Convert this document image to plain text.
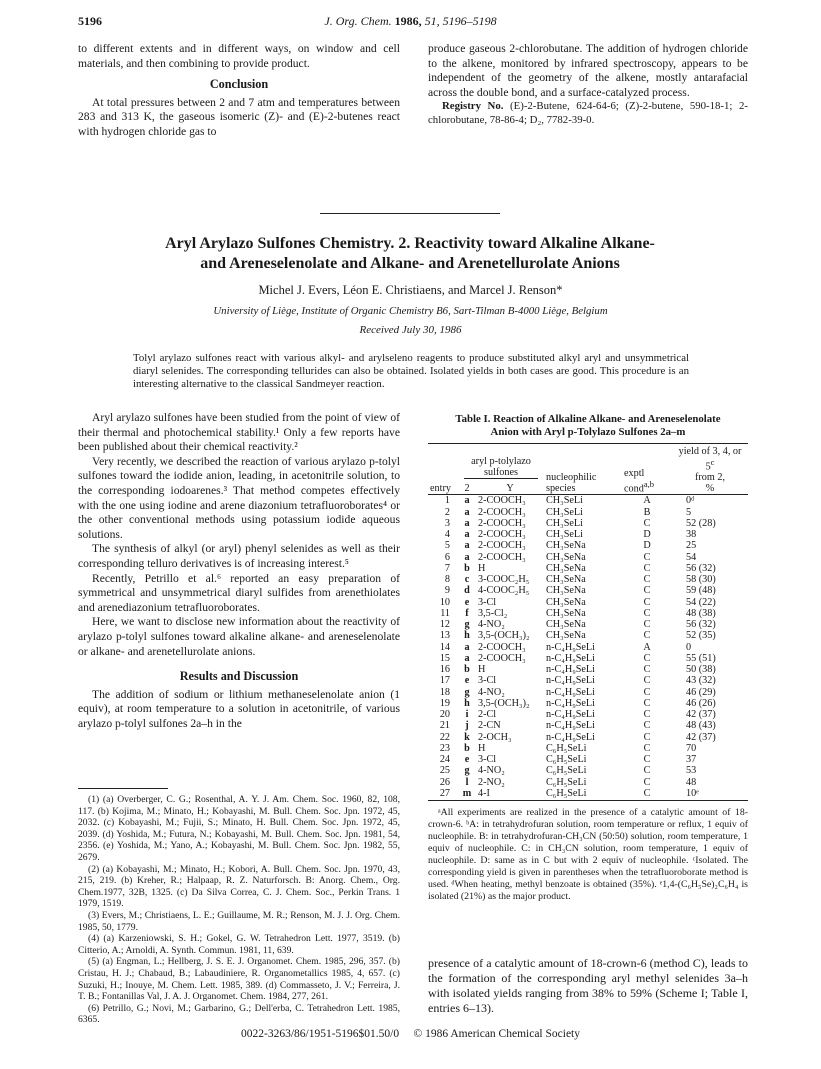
5196	J. Org. Chem. 1986, 51, 5196–5198

to different extents and in different ways, on window and cell materials, and then combining to provide product.

Conclusion

At total pressures between 2 and 7 atm and temperatures between 283 and 313 K, the gaseous isomeric (Z)- and (E)-2-butenes react with hydrogen chloride gas to

produce gaseous 2-chlorobutane. The addition of hydrogen chloride to the alkene, monitored by infrared spectroscopy, appears to be independent of the geometry of the alkene, mostly antarafacial across the double bond, and a surface-catalyzed process.

Registry No. (E)-2-Butene, 624-64-6; (Z)-2-butene, 590-18-1; 2-chlorobutane, 78-86-4; D₂, 7782-39-0.

Aryl Arylazo Sulfones Chemistry. 2. Reactivity toward Alkaline Alkane-
and Areneselenolate and Alkane- and Arenetellurolate Anions
Michel J. Evers, Léon E. Christiaens, and Marcel J. Renson*
University of Liège, Institute of Organic Chemistry B6, Sart-Tilman B-4000 Liège, Belgium
Received July 30, 1986
Tolyl arylazo sulfones react with various alkyl- and arylseleno reagents to produce substituted alkyl aryl and unsymmetrical diaryl selenides. The corresponding tellurides can also be obtained. Isolated yields in both cases are good. This procedure is an interesting alternative to the classical Sandmeyer reaction.

Aryl arylazo sulfones have been studied from the point of view of their thermal and photochemical stability.¹ Only a few reports have been published about their chemical reactivity.²

Very recently, we described the reaction of various arylazo p-tolyl sulfones toward the iodide anion, leading, in acetonitrile solution, to the corresponding iodoarenes.³ That method competes effectively with the one using iodine and arene diazonium tetrafluoroborates⁴ or the other conventional methods using potassium iodide aqueous solutions.

The synthesis of alkyl (or aryl) phenyl selenides as well as their corresponding telluro derivatives is of increasing interest.⁵

Recently, Petrillo et al.⁶ reported an easy preparation of symmetrical and unsymmetrical diaryl sulfides from arenethiolates and arenediazonium tetrafluoroborates.

Here, we want to disclose new information about the reactivity of arylazo p-tolyl sulfones toward alkaline alkane- and areneselenolate or alkane- and arenetellurolate anions.

Results and Discussion

The addition of sodium or lithium methaneselenolate anion (1 equiv), at room temperature to a solution in acetonitrile, of various arylazo p-tolyl sulfones 2a–h in the

(1) (a) Overberger, C. G.; Rosenthal, A. Y. J. Am. Chem. Soc. 1960, 82, 108, 117. (b) Kojima, M.; Minato, H.; Kobayashi, M. Bull. Chem. Soc. Jpn. 1972, 45, 2032. (c) Kobayashi, M.; Fujii, S.; Minato, H. Bull. Chem. Soc. Jpn. 1972, 45, 2039. (d) Yoshida, M.; Futura, N.; Kobayashi, M. Bull. Chem. Soc. Jpn. 1981, 54, 2356. (e) Yoshida, M.; Yano, A.; Kobayashi, M. Bull. Chem. Soc. Jpn. 1982, 55, 2679.

(2) (a) Kobayashi, M.; Minato, H.; Kobori, A. Bull. Chem. Soc. Jpn. 1970, 43, 215, 219. (b) Kreher, R.; Halpaap, R. Z. Naturforsch. B: Anorg. Chem., Org. Chem.1977, 32B, 1325. (c) Da Silva Correa, C. J. Chem. Soc., Perkin Trans. 1 1979, 1519.

(3) Evers, M.; Christiaens, L. E.; Guillaume, M. R.; Renson, M. J. J. Org. Chem. 1985, 50, 1779.

(4) (a) Karzeniowski, S. H.; Gokel, G. W. Tetrahedron Lett. 1977, 3519. (b) Citterio, A.; Arnoldi, A. Synth. Commun. 1981, 11, 639.

(5) (a) Engman, L.; Hellberg, J. S. E. J. Organomet. Chem. 1985, 296, 357. (b) Cristau, H. J.; Chabaud, B.; Labaudiniere, R. Organometallics 1985, 4, 657. (c) Suzuki, H.; Inouye, M. Chem. Lett. 1985, 389. (d) Commasseto, J. V.; Ferreira, J. T. B.; Fontanillas Val, J. A. J. Organomet. Chem. 1984, 277, 261.

(6) Petrillo, G.; Novi, M.; Garbarino, G.; Dell'erba, C. Tetrahedron Lett. 1985, 6365.

Table I. Reaction of Alkaline Alkane- and Areneselenolate
Anion with Aryl p-Tolylazo Sulfones 2a–m
	aryl p-tolylazo sulfones		nucleophilic species	exptl cond$^{a,b}$	yield of 3, 4, or 5$^c$
from 2,
%
entry	2	Y			
1	a	2-COOCH₃	CH₃SeLi	A	0ᵈ
2	a	2-COOCH₃	CH₃SeLi	B	5
3	a	2-COOCH₃	CH₃SeLi	C	52 (28)
4	a	2-COOCH₃	CH₃SeLi	D	38
5	a	2-COOCH₃	CH₃SeNa	D	25
6	a	2-COOCH₃	CH₃SeNa	C	54
7	b	H	CH₃SeNa	C	56 (32)
8	c	3-COOC₂H₅	CH₃SeNa	C	58 (30)
9	d	4-COOC₂H₅	CH₃SeNa	C	59 (48)
10	e	3-Cl	CH₃SeNa	C	54 (22)
11	f	3,5-Cl₂	CH₃SeNa	C	48 (38)
12	g	4-NO₂	CH₃SeNa	C	56 (32)
13	h	3,5-(OCH₃)₂	CH₃SeNa	C	52 (35)
14	a	2-COOCH₃	n-C₄H₉SeLi	A	0
15	a	2-COOCH₃	n-C₄H₉SeLi	C	55 (51)
16	b	H	n-C₄H₉SeLi	C	50 (38)
17	e	3-Cl	n-C₄H₉SeLi	C	43 (32)
18	g	4-NO₂	n-C₄H₉SeLi	C	46 (29)
19	h	3,5-(OCH₃)₂	n-C₄H₉SeLi	C	46 (26)
20	i	2-Cl	n-C₄H₉SeLi	C	42 (37)
21	j	2-CN	n-C₄H₉SeLi	C	48 (43)
22	k	2-OCH₃	n-C₄H₉SeLi	C	42 (37)
23	b	H	C₆H₅SeLi	C	70
24	e	3-Cl	C₆H₅SeLi	C	37
25	g	4-NO₂	C₆H₅SeLi	C	53
26	l	2-NO₂	C₆H₅SeLi	C	48
27	m	4-I	C₆H₅SeLi	C	10ᵉ

ᵃAll experiments are realized in the presence of a catalytic amount of 18-crown-6. ᵇA: in tetrahydrofuran solution, room temperature or reflux, 1 equiv of nucleophile. B: in tetrahydrofuran-CH₃CN (50:50) solution, room temperature, 1 equiv of nucleophile. C: in CH₃CN solution, room temperature, 1 equiv of nucleophile. D: same as in C but with 2 equiv of nucleophile. ᶜIsolated. The corresponding yield is given in parentheses when the tetrafluoroborate method is used. ᵈWhen heating, methyl benzoate is obtained (35%). ᵉ1,4-(C₆H₅Se)₂C₆H₄ is isolated (21%) as the major product.

presence of a catalytic amount of 18-crown-6 (method C), leads to the formation of the corresponding aryl methyl selenides 3a–h with isolated yields ranging from 38% to 59% (Scheme I; Table I, entries 6–13).

0022-3263/86/1951-5196$01.50/0 © 1986 American Chemical Society
